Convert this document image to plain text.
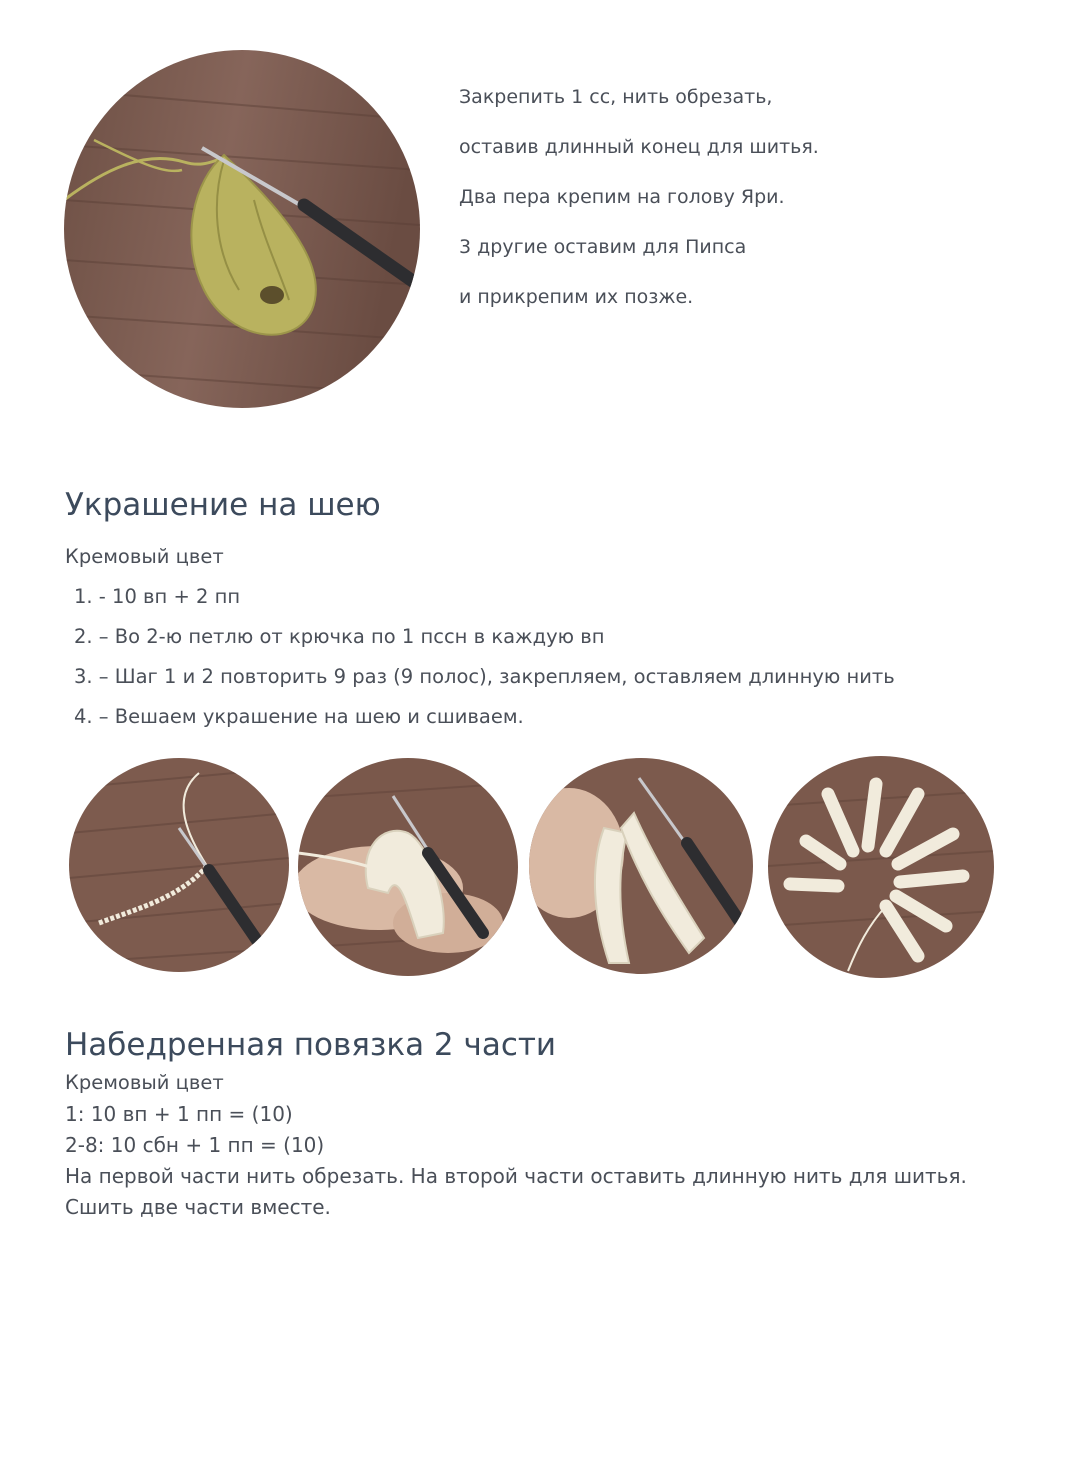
Закрепить 1 сс, нить обрезать,
оставив длинный конец для шитья.
Два пера крепим на голову Яри.
3 другие оставим для Пипса
и прикрепим их позже.
Украшение на шею
Кремовый цвет
1. - 10 вп + 2 пп
2. – Во 2-ю петлю от крючка по 1 пссн в каждую вп
3. – Шаг 1 и 2 повторить 9 раз (9 полос), закрепляем, оставляем длинную нить
4. – Вешаем украшение на шею и сшиваем.
Набедренная повязка 2 части
Кремовый цвет
1: 10 вп + 1 пп = (10)
2-8: 10 сбн + 1 пп = (10)
На первой части нить обрезать. На второй части оставить длинную нить для шитья.
Сшить две части вместе.
